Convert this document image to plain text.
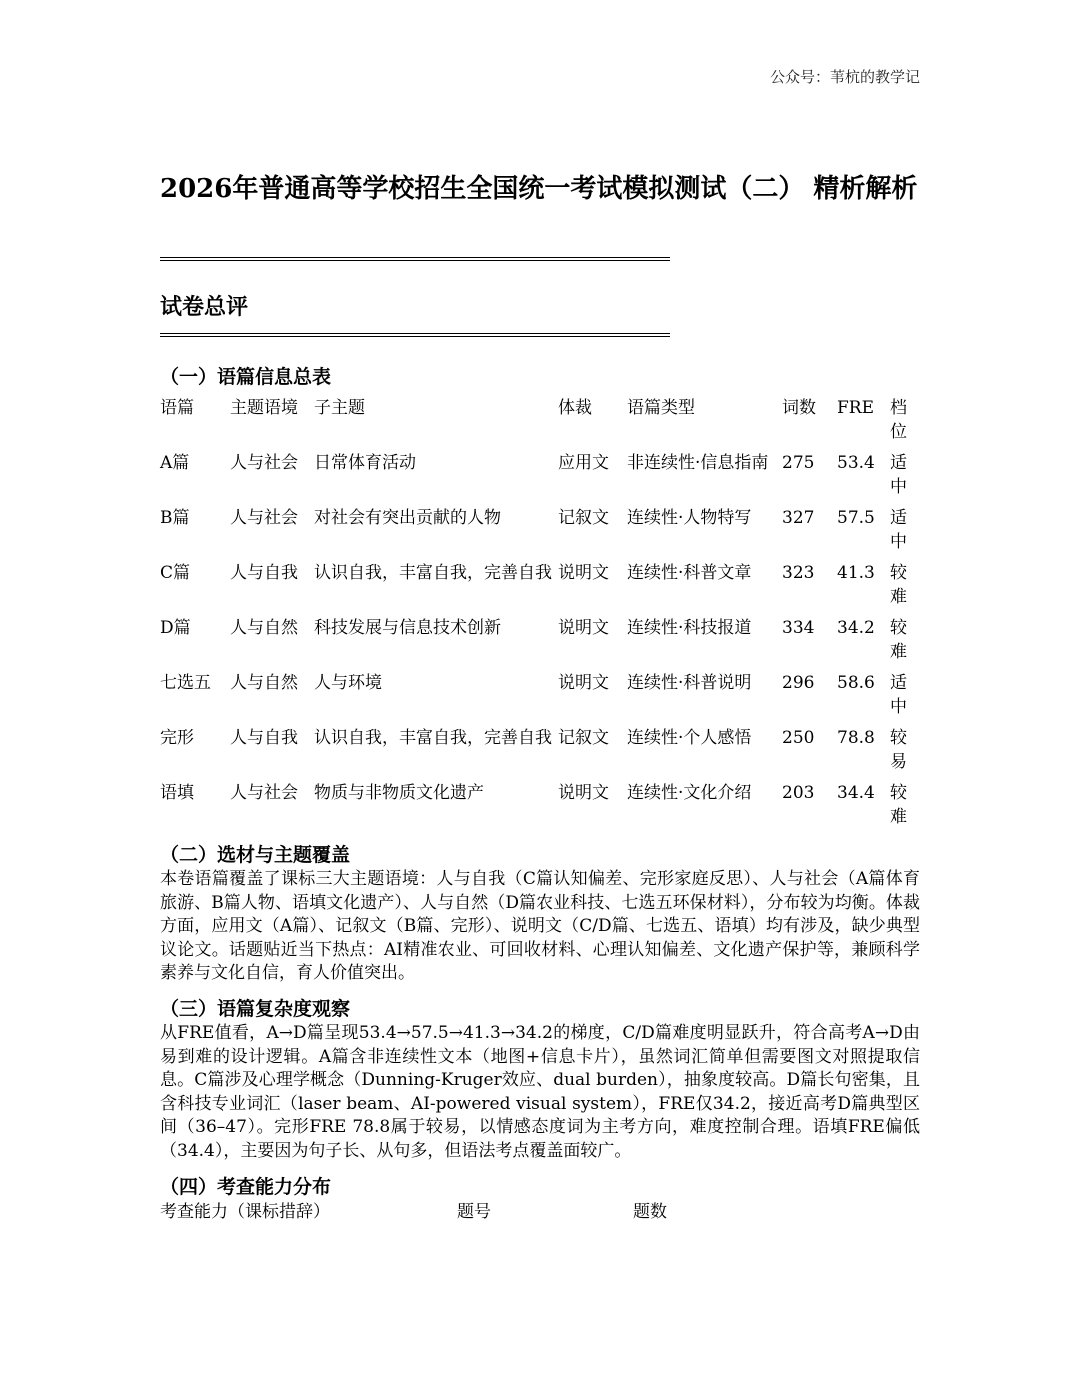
公众号：苇杭的教学记
2026年普通高等学校招生全国统一考试模拟测试（二） 精析解析
试卷总评
（一）语篇信息总表
语篇	主题语境	子主题	体裁	语篇类型	词数	FRE	档位
A篇	人与社会	日常体育活动	应用文	非连续性·信息指南	275	53.4	适中
B篇	人与社会	对社会有突出贡献的人物	记叙文	连续性·人物特写	327	57.5	适中
C篇	人与自我	认识自我，丰富自我，完善自我	说明文	连续性·科普文章	323	41.3	较难
D篇	人与自然	科技发展与信息技术创新	说明文	连续性·科技报道	334	34.2	较难
七选五	人与自然	人与环境	说明文	连续性·科普说明	296	58.6	适中
完形	人与自我	认识自我，丰富自我，完善自我	记叙文	连续性·个人感悟	250	78.8	较易
语填	人与社会	物质与非物质文化遗产	说明文	连续性·文化介绍	203	34.4	较难
（二）选材与主题覆盖

本卷语篇覆盖了课标三大主题语境：人与自我（C篇认知偏差、完形家庭反思）、人与社会（A篇体育旅游、B篇人物、语填文化遗产）、人与自然（D篇农业科技、七选五环保材料），分布较为均衡。体裁方面，应用文（A篇）、记叙文（B篇、完形）、说明文（C/D篇、七选五、语填）均有涉及，缺少典型议论文。话题贴近当下热点：AI精准农业、可回收材料、心理认知偏差、文化遗产保护等，兼顾科学素养与文化自信，育人价值突出。

（三）语篇复杂度观察

从FRE值看，A→D篇呈现53.4→57.5→41.3→34.2的梯度，C/D篇难度明显跃升，符合高考A→D由易到难的设计逻辑。A篇含非连续性文本（地图+信息卡片），虽然词汇简单但需要图文对照提取信息。C篇涉及心理学概念（Dunning-Kruger效应、dual burden），抽象度较高。D篇长句密集，且含科技专业词汇（laser beam、AI-powered visual system），FRE仅34.2，接近高考D篇典型区间（36–47）。完形FRE 78.8属于较易，以情感态度词为主考方向，难度控制合理。语填FRE偏低（34.4），主要因为句子长、从句多，但语法考点覆盖面较广。

（四）考查能力分布
考查能力（课标措辞）	题号	题数
